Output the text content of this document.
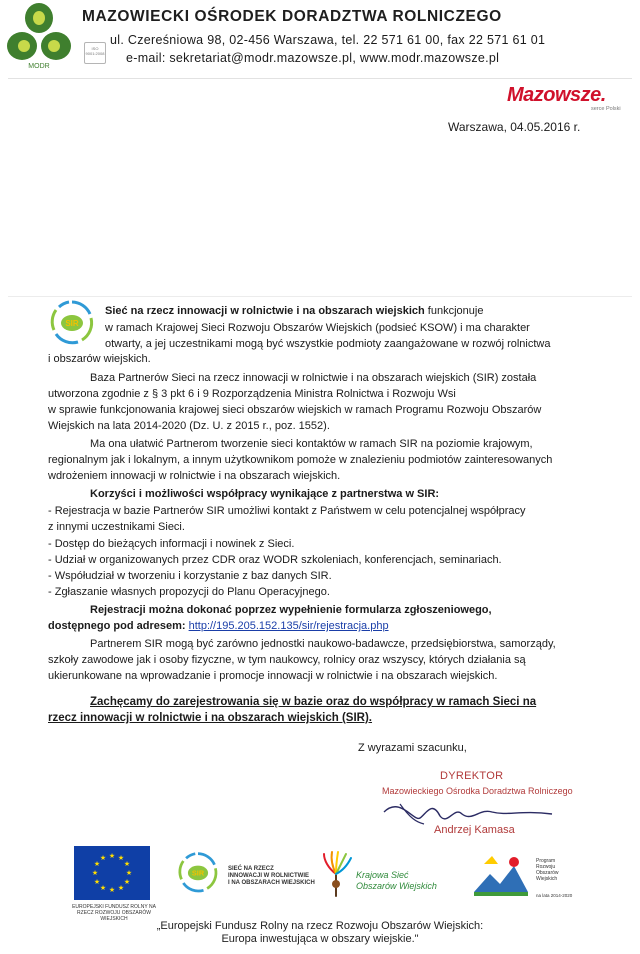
MODR
MAZOWIECKI OŚRODEK DORADZTWA ROLNICZEGO
ISO 9001:2008
ul. Czereśniowa 98, 02-456 Warszawa, tel. 22 571 61 00, fax 22 571 61 01
e-mail: sekretariat@modr.mazowsze.pl, www.modr.mazowsze.pl
Mazowsze.
serce Polski
Warszawa, 04.05.2016 r.
SIR
Sieć na rzecz innowacji w rolnictwie i na obszarach wiejskich funkcjonuje
w ramach Krajowej Sieci Rozwoju Obszarów Wiejskich (podsieć KSOW) i ma charakter
otwarty, a jej uczestnikami mogą być wszystkie podmioty zaangażowane w rozwój rolnictwa
i obszarów wiejskich.
Baza Partnerów Sieci na rzecz innowacji w rolnictwie i na obszarach wiejskich (SIR) została
utworzona zgodnie z § 3 pkt 6 i 9 Rozporządzenia Ministra Rolnictwa i Rozwoju Wsi
w sprawie funkcjonowania krajowej sieci obszarów wiejskich w ramach Programu Rozwoju Obszarów
Wiejskich na lata 2014-2020 (Dz. U. z 2015 r., poz. 1552).
Ma ona ułatwić Partnerom tworzenie sieci kontaktów w ramach SIR na poziomie krajowym,
regionalnym jak i lokalnym, a innym użytkownikom pomoże w znalezieniu podmiotów zainteresowanych
wdrożeniem innowacji w rolnictwie i na obszarach wiejskich.
Korzyści i możliwości współpracy wynikające z partnerstwa w SIR:
- Rejestracja w bazie Partnerów SIR umożliwi kontakt z Państwem w celu potencjalnej współpracy
z innymi uczestnikami Sieci.
- Dostęp do bieżących informacji i nowinek z Sieci.
- Udział w organizowanych przez CDR oraz WODR szkoleniach, konferencjach, seminariach.
- Współudział w tworzeniu i korzystanie z baz danych SIR.
- Zgłaszanie własnych propozycji do Planu Operacyjnego.
Rejestracji można dokonać poprzez wypełnienie formularza zgłoszeniowego,
dostępnego pod adresem: http://195.205.152.135/sir/rejestracja.php
Partnerem SIR mogą być zarówno jednostki naukowo-badawcze, przedsiębiorstwa, samorządy,
szkoły zawodowe jak i osoby fizyczne, w tym naukowcy, rolnicy oraz wszyscy, których działania są
ukierunkowane na wprowadzanie i promocje innowacji w rolnictwie i na obszarach wiejskich.
Zachęcamy do zarejestrowania się w bazie oraz do współpracy w ramach Sieci na
rzecz innowacji w rolnictwie i na obszarach wiejskich (SIR).
Z wyrazami szacunku,
DYREKTOR
Mazowieckiego Ośrodka Doradztwa Rolniczego
Andrzej Kamasa
★ ★
★
★
★
★
★
★
★
★
★
★
EUROPEJSKI FUNDUSZ ROLNY NA RZECZ ROZWOJU OBSZARÓW WIEJSKICH
SIR	SIEĆ NA RZECZ
INNOWACJI W ROLNICTWIE
I NA OBSZARACH WIEJSKICH
Krajowa Sieć
Obszarów Wiejskich
Program
Rozwoju
Obszarów
Wiejskich
na lata 2014-2020
„Europejski Fundusz Rolny na rzecz Rozwoju Obszarów Wiejskich:
Europa inwestująca w obszary wiejskie."
